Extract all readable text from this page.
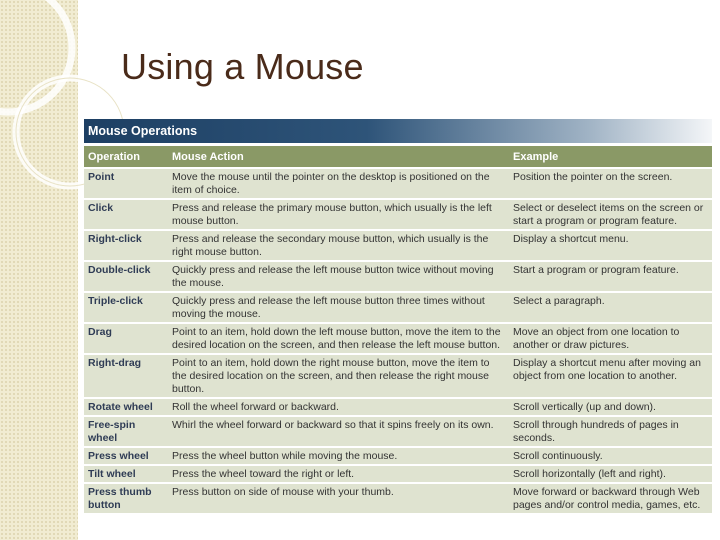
Using a Mouse
Mouse Operations
Operation	Mouse Action	Example
Point	Move the mouse until the pointer on the desktop is positioned on the item of choice.	Position the pointer on the screen.
Click	Press and release the primary mouse button, which usually is the left mouse button.	Select or deselect items on the screen or start a program or program feature.
Right-click	Press and release the secondary mouse button, which usually is the right mouse button.	Display a shortcut menu.
Double-click	Quickly press and release the left mouse button twice without moving the mouse.	Start a program or program feature.
Triple-click	Quickly press and release the left mouse button three times without moving the mouse.	Select a paragraph.
Drag	Point to an item, hold down the left mouse button, move the item to the desired location on the screen, and then release the left mouse button.	Move an object from one location to another or draw pictures.
Right-drag	Point to an item, hold down the right mouse button, move the item to the desired location on the screen, and then release the right mouse button.	Display a shortcut menu after moving an object from one location to another.
Rotate wheel	Roll the wheel forward or backward.	Scroll vertically (up and down).
Free-spin wheel	Whirl the wheel forward or backward so that it spins freely on its own.	Scroll through hundreds of pages in seconds.
Press wheel	Press the wheel button while moving the mouse.	Scroll continuously.
Tilt wheel	Press the wheel toward the right or left.	Scroll horizontally (left and right).
Press thumb button	Press button on side of mouse with your thumb.	Move forward or backward through Web pages and/or control media, games, etc.
